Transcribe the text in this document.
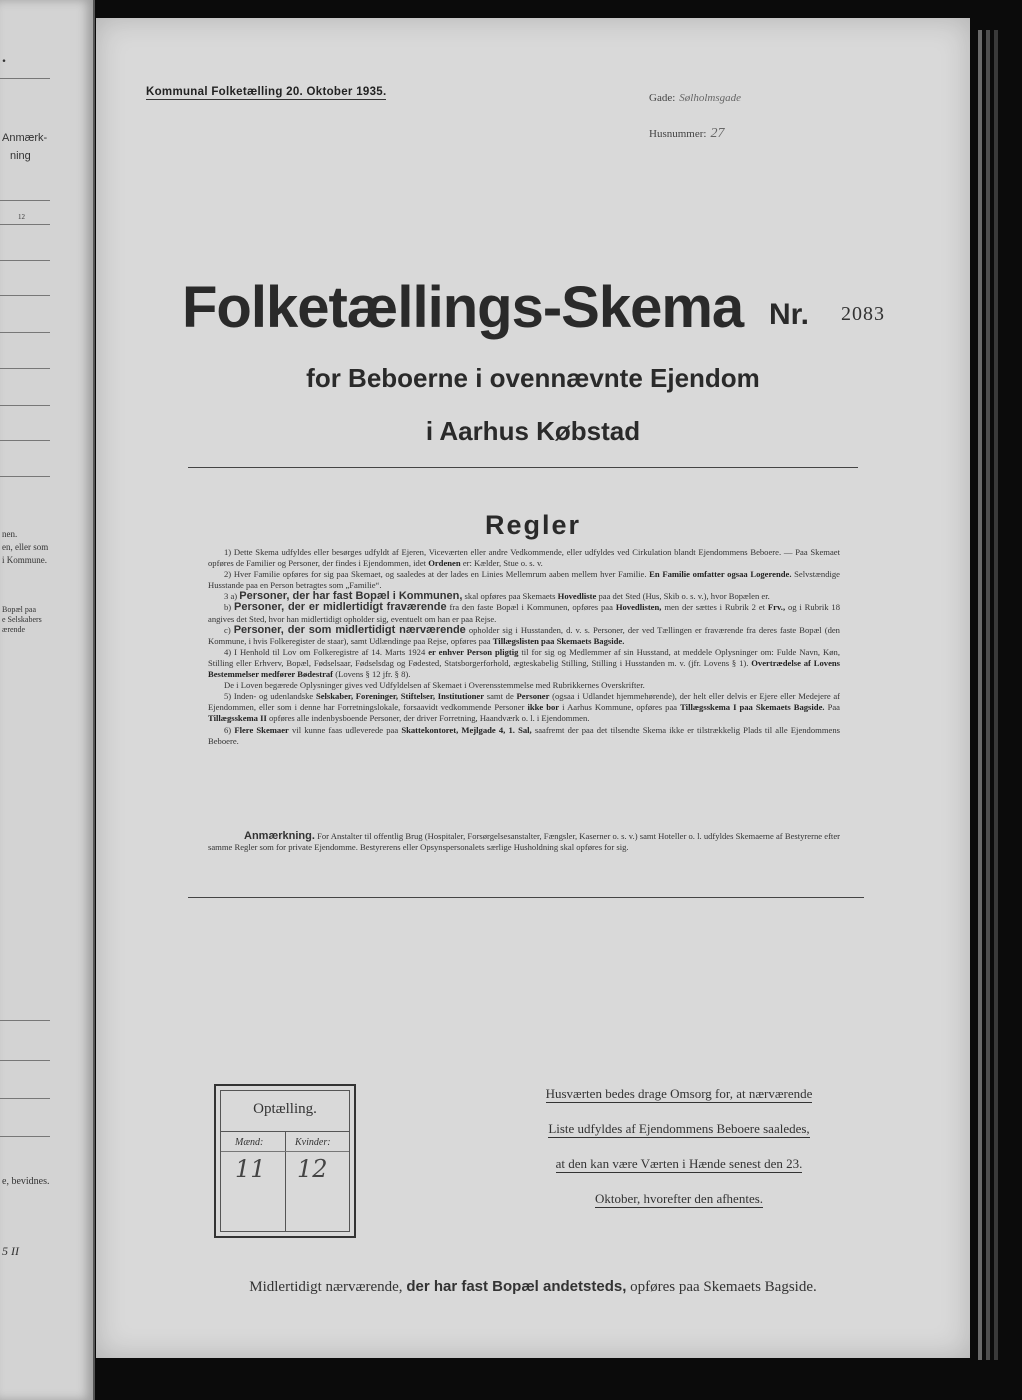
.
Anmærk-
ning
12
nen.
en, eller som
i Kommune.
Bopæl paa
e Selskabers
ærende
e, bevidnes.
5 II
Kommunal Folketælling 20. Oktober 1935.	Gade: Sølholmsgade
Husnummer: 27
Folketællings-Skema Nr. 2083
for Beboerne i ovennævnte Ejendom
i Aarhus Købstad
Regler

1) Dette Skema udfyldes eller besørges udfyldt af Ejeren, Viceværten eller andre Vedkommende, eller udfyldes ved Cirkulation blandt Ejendommens Beboere. — Paa Skemaet opføres de Familier og Personer, der findes i Ejendommen, idet Ordenen er: Kælder, Stue o. s. v.

2) Hver Familie opføres for sig paa Skemaet, og saaledes at der lades en Linies Mellemrum aaben mellem hver Familie. En Familie omfatter ogsaa Logerende. Selvstændige Husstande paa en Person betragtes som „Familie“.

3 a) Personer, der har fast Bopæl i Kommunen, skal opføres paa Skemaets Hovedliste paa det Sted (Hus, Skib o. s. v.), hvor Bopælen er.

b) Personer, der er midlertidigt fraværende fra den faste Bopæl i Kommunen, opføres paa Hovedlisten, men der sættes i Rubrik 2 et Frv., og i Rubrik 18 angives det Sted, hvor han midlertidigt opholder sig, eventuelt om han er paa Rejse.

c) Personer, der som midlertidigt nærværende opholder sig i Husstanden, d. v. s. Personer, der ved Tællingen er fraværende fra deres faste Bopæl (den Kommune, i hvis Folkeregister de staar), samt Udlændinge paa Rejse, opføres paa Tillægslisten paa Skemaets Bagside.

4) I Henhold til Lov om Folkeregistre af 14. Marts 1924 er enhver Person pligtig til for sig og Medlemmer af sin Husstand, at meddele Oplysninger om: Fulde Navn, Køn, Stilling eller Erhverv, Bopæl, Fødselsaar, Fødselsdag og Fødested, Statsborgerforhold, ægteskabelig Stilling, Stilling i Husstanden m. v. (jfr. Lovens § 1). Overtrædelse af Lovens Bestemmelser medfører Bødestraf (Lovens § 12 jfr. § 8).

De i Loven begærede Oplysninger gives ved Udfyldelsen af Skemaet i Overensstemmelse med Rubrikkernes Overskrifter.

5) Inden- og udenlandske Selskaber, Foreninger, Stiftelser, Institutioner samt de Personer (ogsaa i Udlandet hjemmehørende), der helt eller delvis er Ejere eller Medejere af Ejendommen, eller som i denne har Forretningslokale, forsaavidt vedkommende Personer ikke bor i Aarhus Kommune, opføres paa Tillægsskema I paa Skemaets Bagside. Paa Tillægsskema II opføres alle indenbysboende Personer, der driver Forretning, Haandværk o. l. i Ejendommen.

6) Flere Skemaer vil kunne faas udleverede paa Skattekontoret, Mejlgade 4, 1. Sal, saafremt der paa det tilsendte Skema ikke er tilstrækkelig Plads til alle Ejendommens Beboere.

Anmærkning. For Anstalter til offentlig Brug (Hospitaler, Forsørgelsesanstalter, Fængsler, Kaserner o. s. v.) samt Hoteller o. l. udfyldes Skemaerne af Bestyrerne efter samme Regler som for private Ejendomme. Bestyrerens eller Opsynspersonalets særlige Husholdning skal opføres for sig.
Optælling.
Mænd:	Kvinder:
11 12
Husværten bedes drage Omsorg for, at nærværende
Liste udfyldes af Ejendommens Beboere saaledes,
at den kan være Værten i Hænde senest den 23.
Oktober, hvorefter den afhentes.
Midlertidigt nærværende, der har fast Bopæl andetsteds, opføres paa Skemaets Bagside.
